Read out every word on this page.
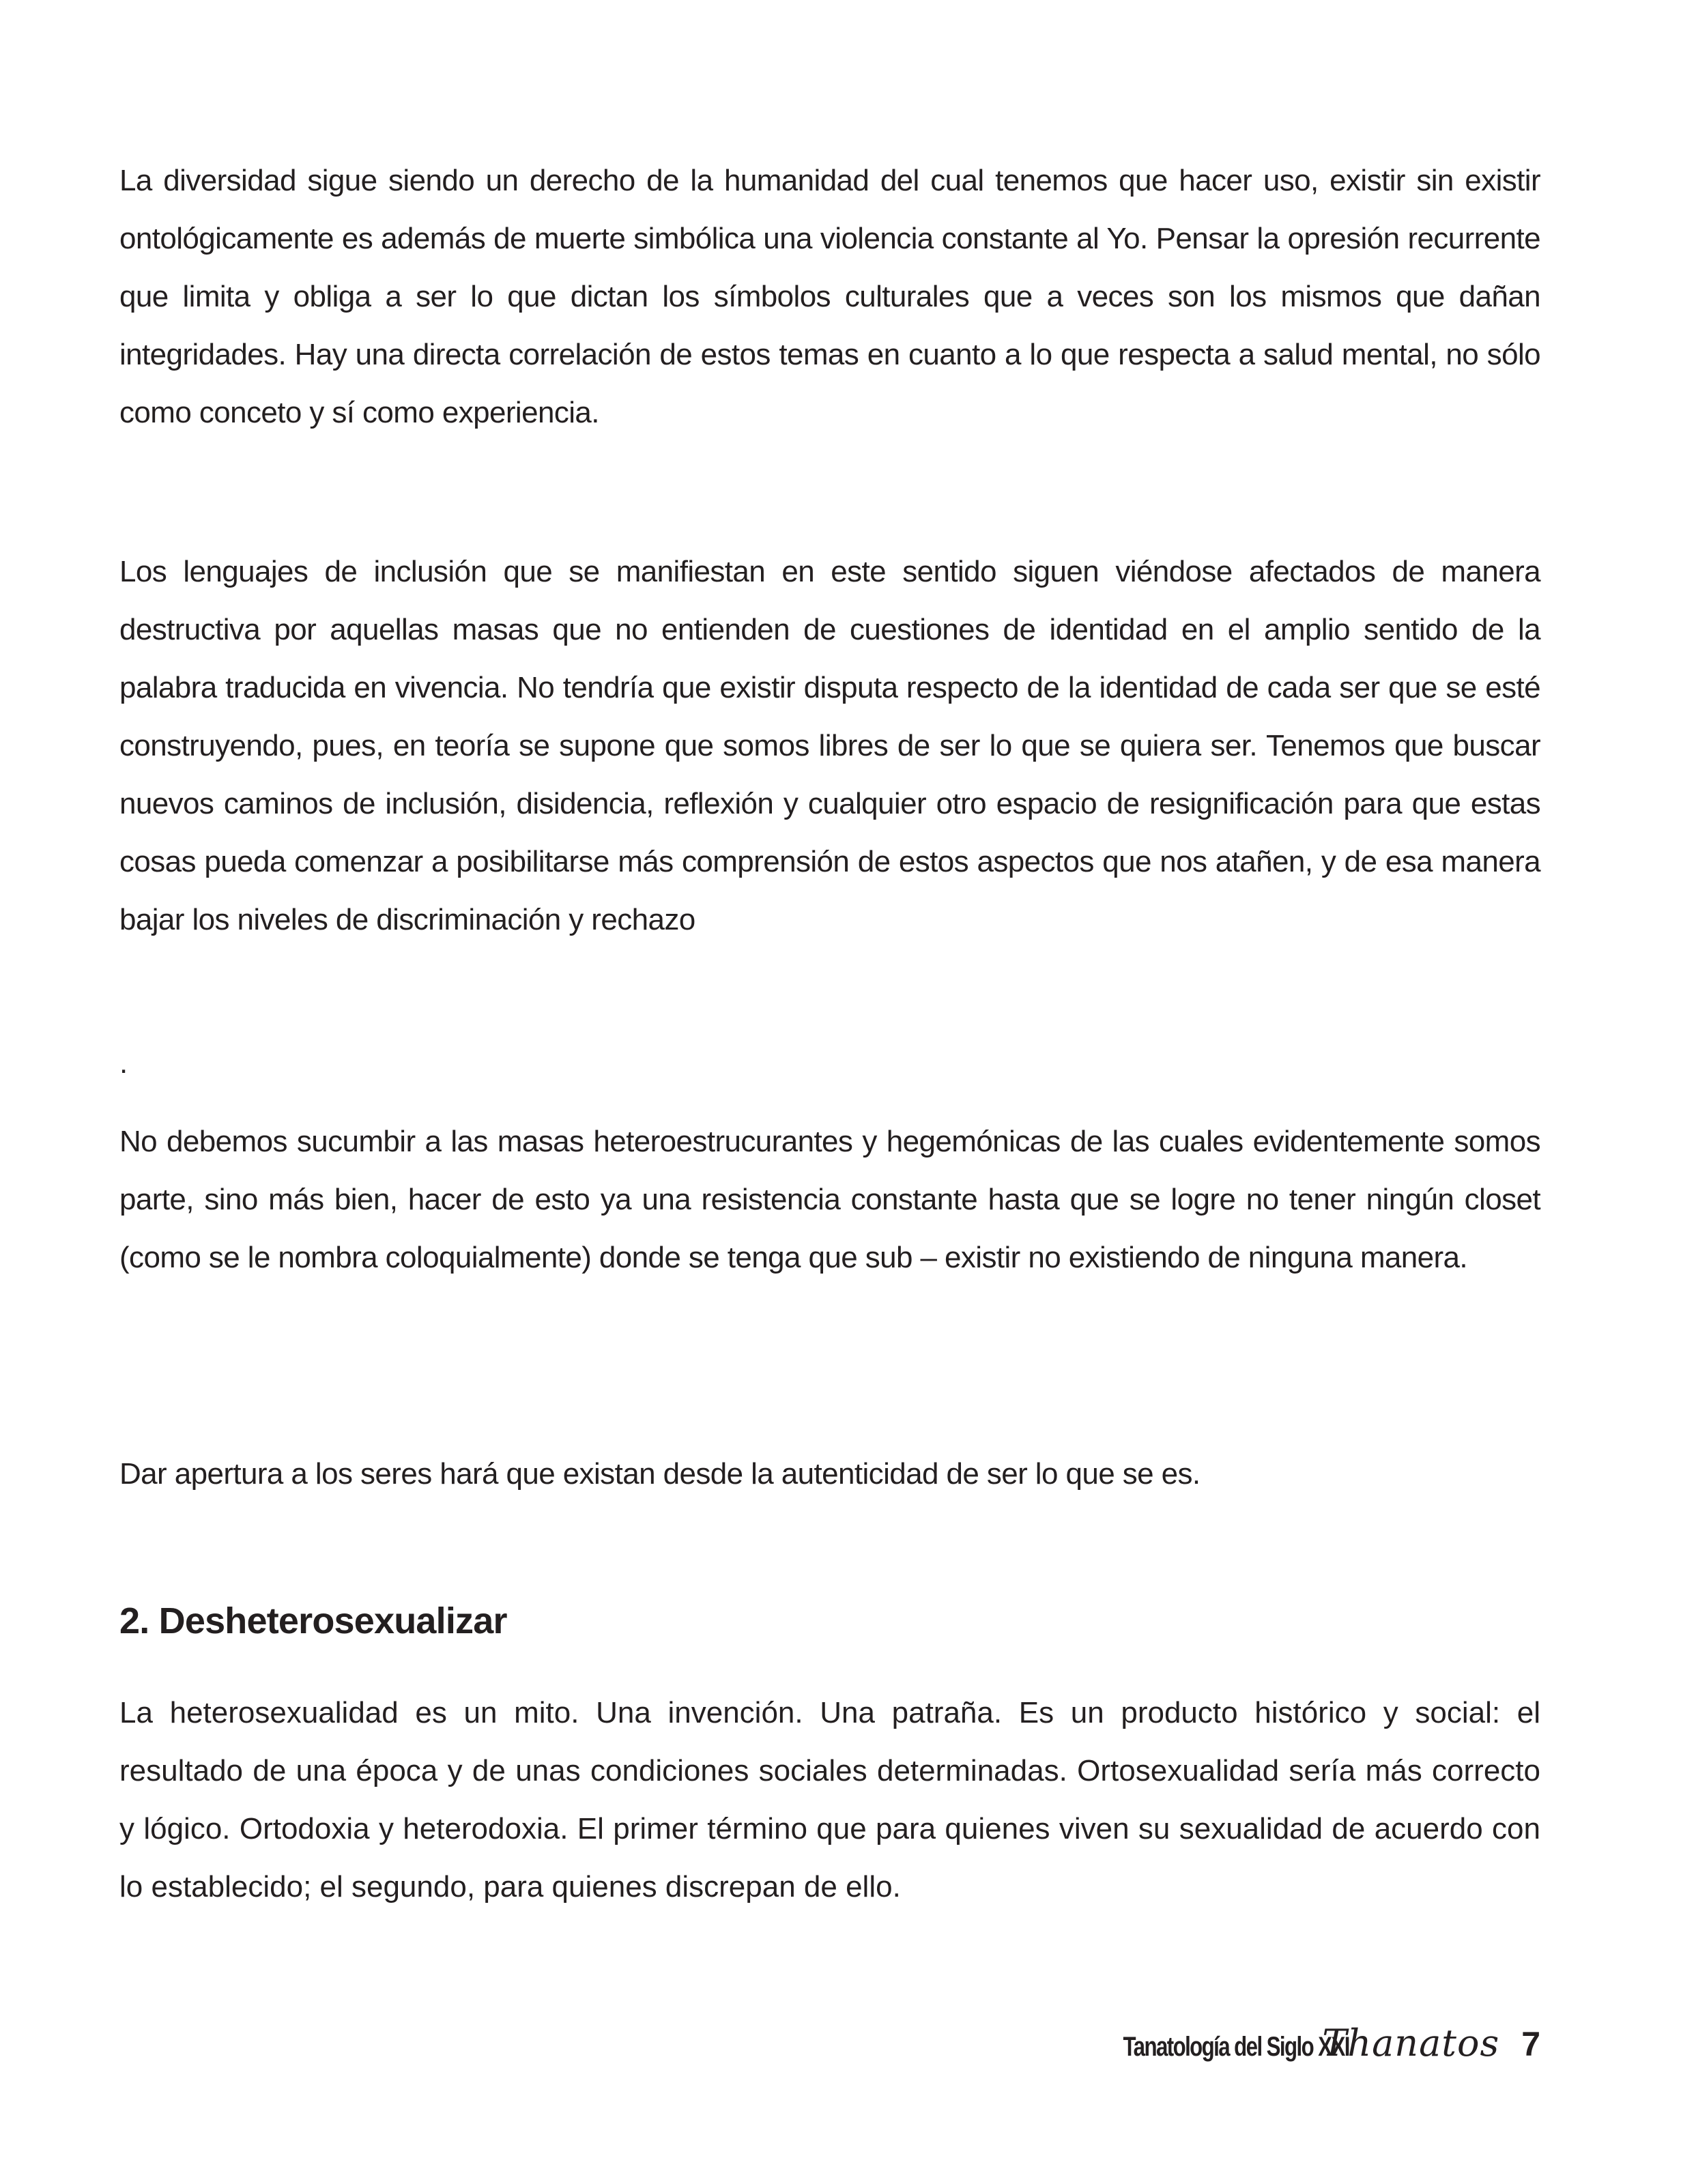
La diversidad sigue siendo un derecho de la humanidad del cual tenemos que hacer uso, existir sin existir ontológicamente es además de muerte simbólica una violencia constante al Yo. Pensar la opresión recurrente que limita y obliga a ser lo que dictan los símbolos culturales que a veces son los mismos que dañan integridades. Hay una directa correlación de estos temas en cuanto a lo que respecta a salud mental, no sólo como conceto y sí como experiencia.

Los lenguajes de inclusión que se manifiestan en este sentido siguen viéndose afectados de manera destructiva por aquellas masas que no entienden de cuestiones de identidad en el amplio sentido de la palabra traducida en vivencia. No tendría que existir disputa respecto de la identidad de cada ser que se esté construyendo, pues, en teoría se supone que somos libres de ser lo que se quiera ser. Tenemos que buscar nuevos caminos de inclusión, disidencia, reflexión y cualquier otro espacio de resignificación para que estas cosas pueda comenzar a posibilitarse más comprensión de estos aspectos que nos atañen, y de esa manera bajar los niveles de discriminación y rechazo

.

No debemos sucumbir a las masas heteroestrucurantes y hegemónicas de las cuales evidentemente somos parte, sino más bien, hacer de esto ya una resistencia constante hasta que se logre no tener ningún closet (como se le nombra coloquialmente) donde se tenga que sub – existir no existiendo de ninguna manera.

Dar apertura a los seres hará que existan desde la autenticidad de ser lo que se es.

2. Desheterosexualizar

La heterosexualidad es un mito. Una invención. Una patraña. Es un producto histórico y social: el resultado de una época y de unas condiciones sociales determinadas. Ortosexualidad sería más correcto y lógico. Ortodoxia y heterodoxia. El primer término que para quienes viven su sexualidad de acuerdo con lo establecido; el segundo, para quienes discrepan de ello.

Tanatología del Siglo XXI
Thanatos 7
